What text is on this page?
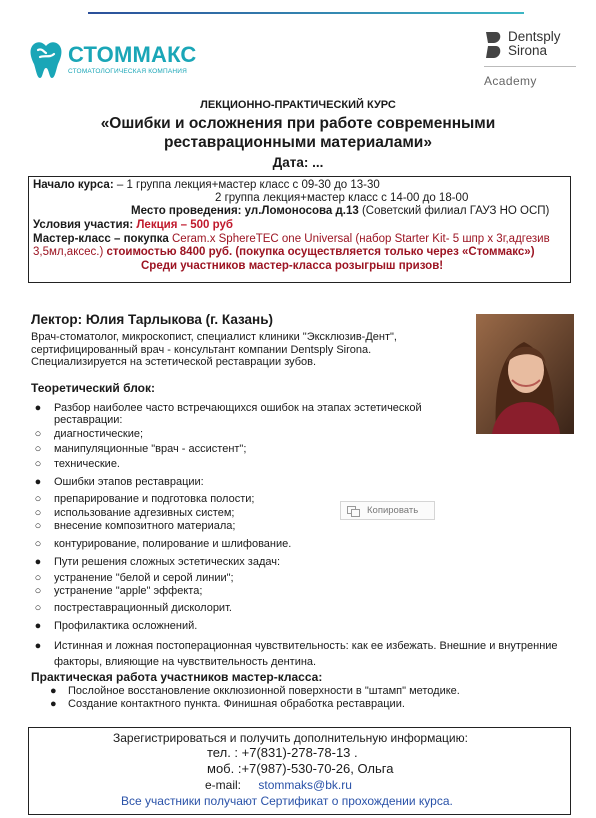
СТОММАКС
СТОМАТОЛОГИЧЕСКАЯ КОМПАНИЯ
Dentsply
Sirona
Academy
ЛЕКЦИОННО-ПРАКТИЧЕСКИЙ КУРС
«Ошибки и осложнения при работе современными
реставрационными материалами»
Дата: ...
Начало курса: – 1 группа лекция+мастер класс с 09-30 до 13-30
2 группа лекция+мастер класс с 14-00 до 18-00
Место проведения: ул.Ломоносова д.13 (Советский филиал ГАУЗ НО ОСП)
Условия участия: Лекция – 500 руб
Мастер-класс – покупка Ceram.x SphereTEC one Universal (набор Starter Kit- 5 шпр х 3г,адгезив
3,5мл,аксес.) стоимостью 8400 руб. (покупка осуществляется только через «Стоммакс»)
Среди участников мастер-класса розыгрыш призов!
Лектор: Юлия Тарлыкова (г. Казань)
Врач-стоматолог, микроскопист, специалист клиники "Эксклюзив-Дент",
сертифицированный врач - консультант компании Dentsply Sirona.
Специализируется на эстетической реставрации зубов.
Теоретический блок:
●	Разбор наиболее часто встречающихся ошибок на этапах эстетической
реставрации:
○	диагностические;
○	манипуляционные "врач - ассистент";
○	технические.
●	Ошибки этапов реставрации:
○	препарирование и подготовка полости;
○	использование адгезивных систем;
○	внесение композитного материала;
○	контурирование, полирование и шлифование.
●	Пути решения сложных эстетических задач:
○	устранение "белой и серой линии";
○	устранение "apple" эффекта;
○	постреставрационный дисколорит.
●	Профилактика осложнений.
●	Истинная и ложная постоперационная чувствительность: как ее избежать. Внешние и внутренние
факторы, влияющие на чувствительность дентина.
Копировать
Практическая работа участников мастер-класса:
● Послойное восстановление окклюзионной поверхности в "штамп" методике.
● Создание контактного пункта. Финишная обработка реставрации.
Зарегистрироваться и получить дополнительную информацию:
тел. : +7(831)-278-78-13 .
моб. :+7(987)-530-70-26, Ольга
e-mail: stommaks@bk.ru
Все участники получают Сертификат о прохождении курса.
